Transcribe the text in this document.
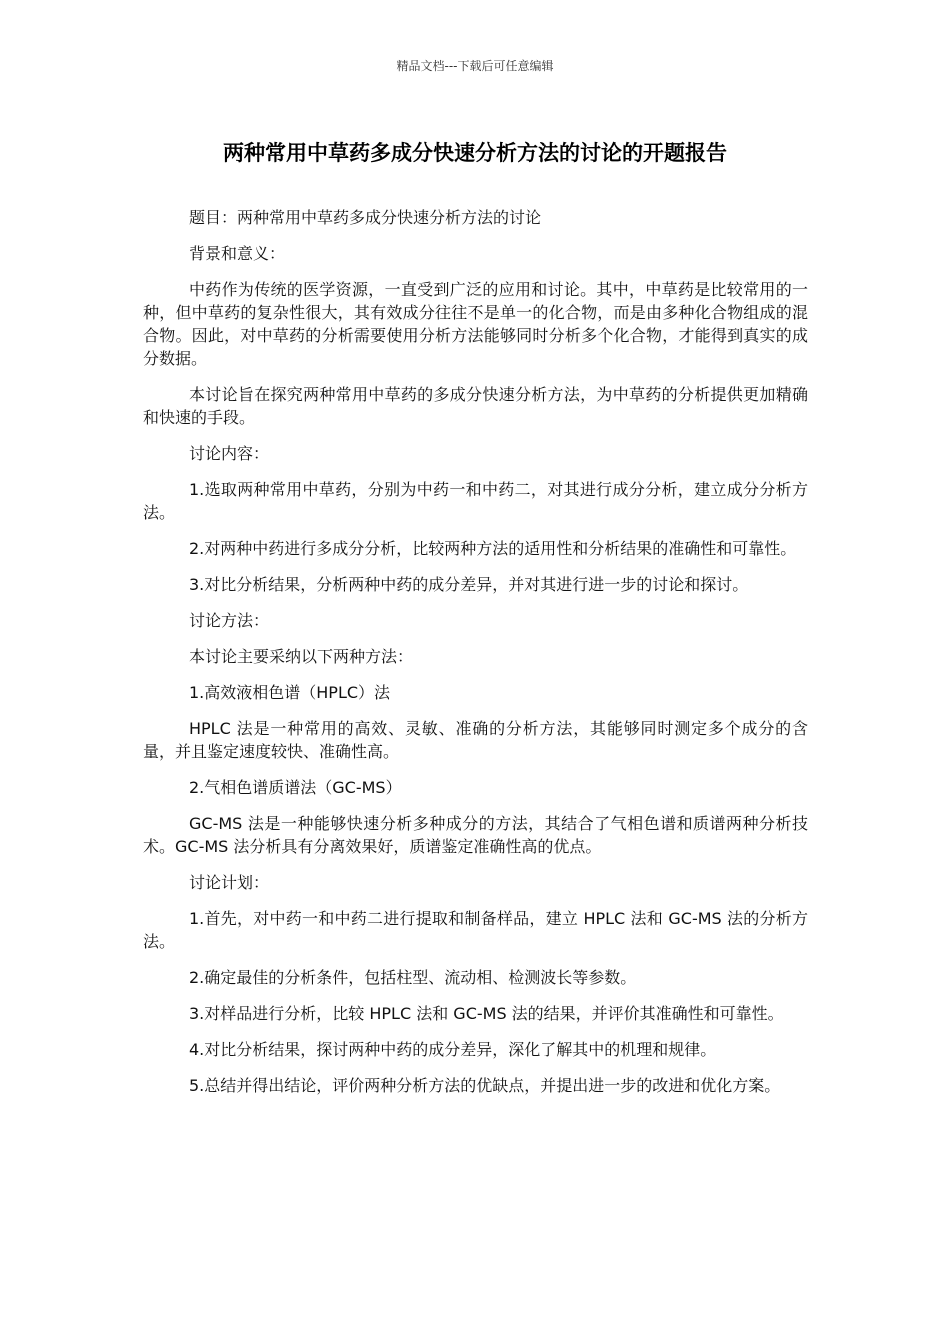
精品文档---下载后可任意编辑
两种常用中草药多成分快速分析方法的讨论的开题报告

题目：两种常用中草药多成分快速分析方法的讨论

背景和意义：

中药作为传统的医学资源，一直受到广泛的应用和讨论。其中，中草药是比较常用的一种，但中草药的复杂性很大，其有效成分往往不是单一的化合物，而是由多种化合物组成的混合物。因此，对中草药的分析需要使用分析方法能够同时分析多个化合物，才能得到真实的成分数据。

本讨论旨在探究两种常用中草药的多成分快速分析方法，为中草药的分析提供更加精确和快速的手段。

讨论内容：

1.选取两种常用中草药，分别为中药一和中药二，对其进行成分分析，建立成分分析方法。

2.对两种中药进行多成分分析，比较两种方法的适用性和分析结果的准确性和可靠性。

3.对比分析结果，分析两种中药的成分差异，并对其进行进一步的讨论和探讨。

讨论方法：

本讨论主要采纳以下两种方法：

1.高效液相色谱（HPLC）法

HPLC 法是一种常用的高效、灵敏、准确的分析方法，其能够同时测定多个成分的含量，并且鉴定速度较快、准确性高。

2.气相色谱质谱法（GC-MS）

GC-MS 法是一种能够快速分析多种成分的方法，其结合了气相色谱和质谱两种分析技术。GC-MS 法分析具有分离效果好，质谱鉴定准确性高的优点。

讨论计划：

1.首先，对中药一和中药二进行提取和制备样品，建立 HPLC 法和 GC-MS 法的分析方法。

2.确定最佳的分析条件，包括柱型、流动相、检测波长等参数。

3.对样品进行分析，比较 HPLC 法和 GC-MS 法的结果，并评价其准确性和可靠性。

4.对比分析结果，探讨两种中药的成分差异，深化了解其中的机理和规律。

5.总结并得出结论，评价两种分析方法的优缺点，并提出进一步的改进和优化方案。
